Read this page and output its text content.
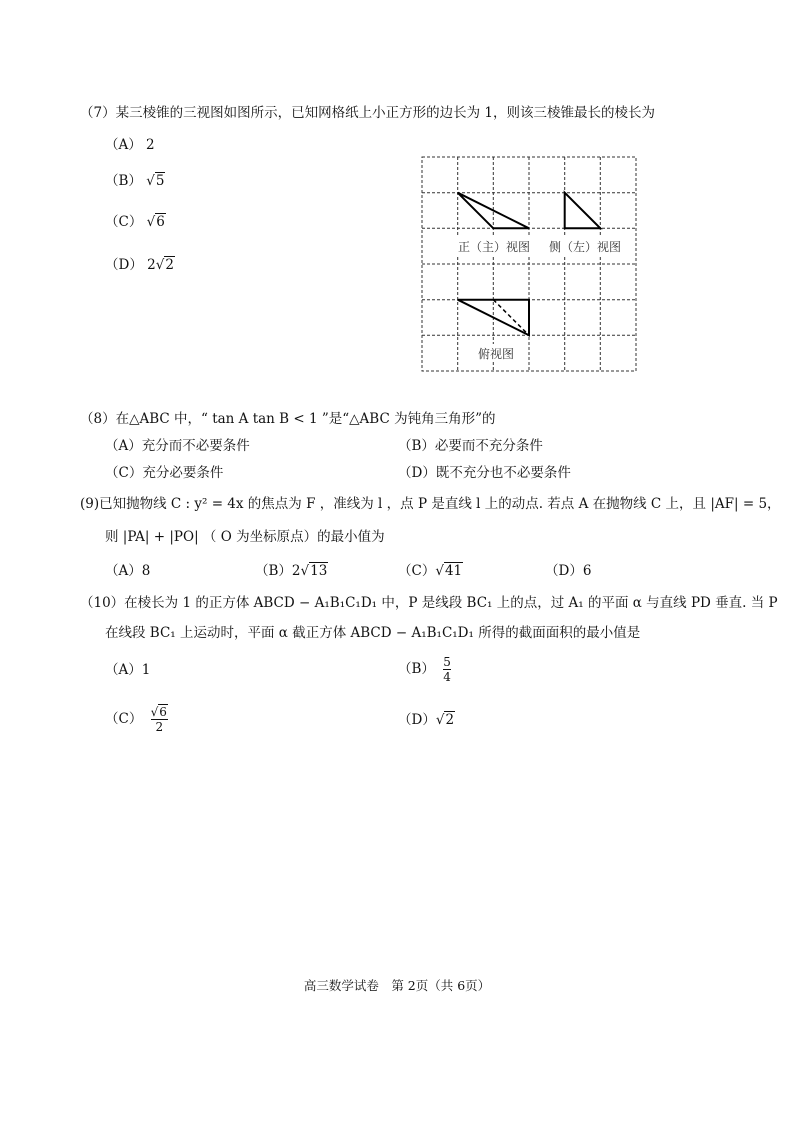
（7）某三棱锥的三视图如图所示，已知网格纸上小正方形的边长为 1，则该三棱锥最长的棱长为
（A） 2
（B） √5
（C） √6
（D） 2√2
正（主）视图 侧（左）视图
俯视图
（8）在△ABC 中，“ tan A tan B < 1 ”是“△ABC 为钝角三角形”的
（A）充分而不必要条件	（B）必要而不充分条件
（C）充分必要条件	（D）既不充分也不必要条件
(9)已知抛物线 C : y² = 4x 的焦点为 F ，准线为 l ，点 P 是直线 l 上的动点. 若点 A 在抛物线 C 上，且 |AF| = 5，
则 |PA| + |PO| （ O 为坐标原点）的最小值为
（A）8	（B）2√13	（C）√41	（D）6
（10）在棱长为 1 的正方体 ABCD − A₁B₁C₁D₁ 中，P 是线段 BC₁ 上的点，过 A₁ 的平面 α 与直线 PD 垂直. 当 P
在线段 BC₁ 上运动时，平面 α 截正方体 ABCD − A₁B₁C₁D₁ 所得的截面面积的最小值是
（A）1	$(B) \frac{5}{4}$
$(C) \frac{√6}{2}$	（D）√2
高三数学试卷　第 2页（共 6页）
